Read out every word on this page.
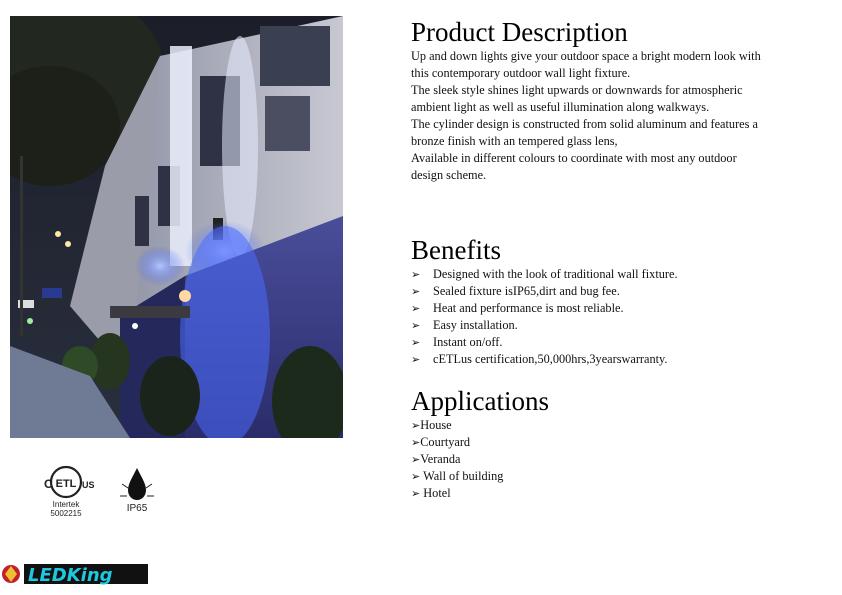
C ETL US
Intertek
5002215	IP65
LEDKing
Product Description

Up and down lights give your outdoor space a bright modern look with

this contemporary outdoor wall light fixture.

The sleek style shines light upwards or downwards for atmospheric

ambient light as well as useful illumination along walkways.

The cylinder design is constructed from solid aluminum and features a

bronze finish with an tempered glass lens,

Available in different colours to coordinate with most any outdoor

design scheme.

Benefits
➢	Designed with the look of traditional wall fixture.
➢	Sealed fixture isIP65,dirt and bug fee.
➢	Heat and performance is most reliable.
➢	Easy installation.
➢	Instant on/off.
➢	cETLus certification,50,000hrs,3yearswarranty.
Applications
➢House
➢Courtyard
➢Veranda
➢ Wall of building
➢ Hotel
